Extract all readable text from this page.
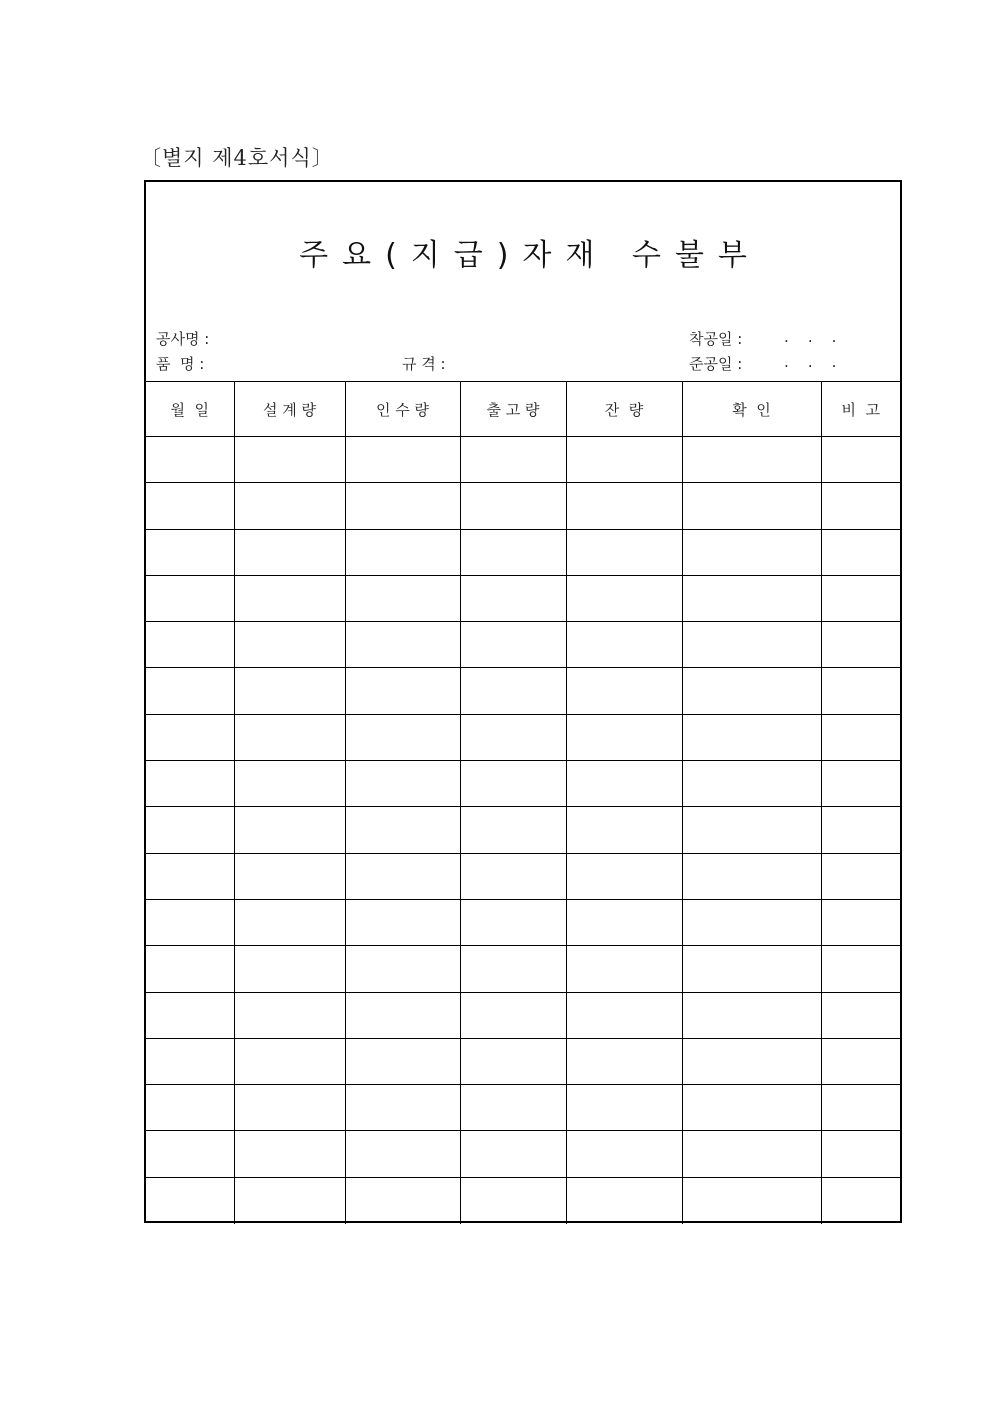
〔별지 제4호서식〕
주요(지급)자재 수불부
공사명 :
품  명 :	규 격 :
착공일 :	.    .    .
준공일 :	.    .    .
월  일	설 계 량	인 수 량	출 고 량	잔  량	확  인	비  고
